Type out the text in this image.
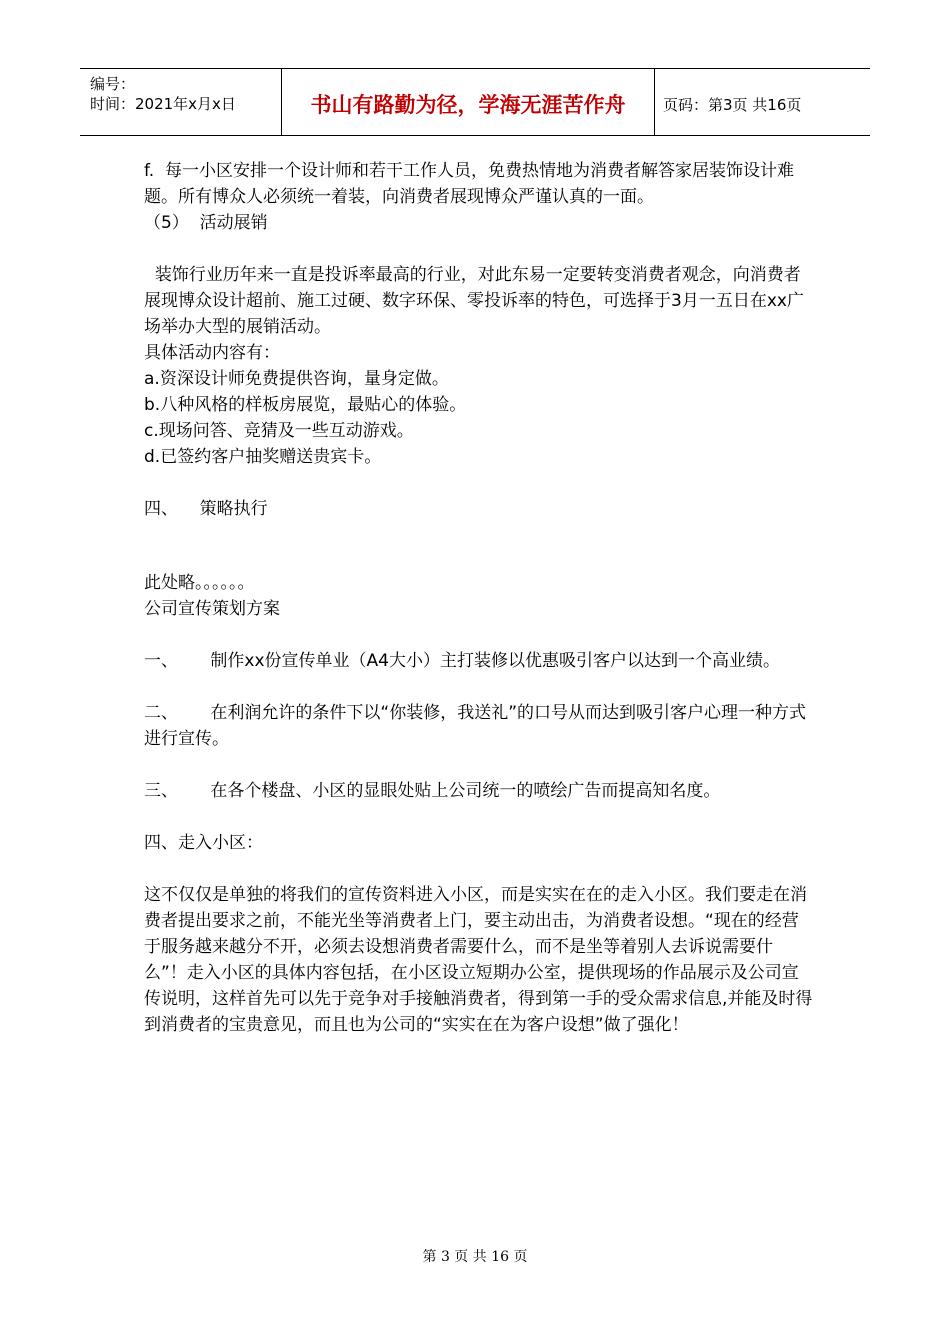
编号：
时间：2021年x月x日	书山有路勤为径，学海无涯苦作舟	页码：第3页 共16页

f.  每一小区安排一个设计师和若干工作人员，免费热情地为消费者解答家居装饰设计难题。所有博众人必须统一着装，向消费者展现博众严谨认真的一面。

（5）  活动展销

装饰行业历年来一直是投诉率最高的行业，对此东易一定要转变消费者观念，向消费者展现博众设计超前、施工过硬、数字环保、零投诉率的特色，可选择于3月一五日在xx广场举办大型的展销活动。

具体活动内容有：

a.资深设计师免费提供咨询，量身定做。

b.八种风格的样板房展览，最贴心的体验。

c.现场问答、竞猜及一些互动游戏。

d.已签约客户抽奖赠送贵宾卡。

四、    策略执行

此处略。。。。。。

公司宣传策划方案

一、      制作xx份宣传单业（A4大小）主打装修以优惠吸引客户以达到一个高业绩。

二、      在利润允许的条件下以“你装修，我送礼”的口号从而达到吸引客户心理一种方式进行宣传。

三、      在各个楼盘、小区的显眼处贴上公司统一的喷绘广告而提高知名度。

四、走入小区：

这不仅仅是单独的将我们的宣传资料进入小区，而是实实在在的走入小区。我们要走在消费者提出要求之前，不能光坐等消费者上门，要主动出击，为消费者设想。“现在的经营于服务越来越分不开，必须去设想消费者需要什么，而不是坐等着别人去诉说需要什么”！走入小区的具体内容包括，在小区设立短期办公室，提供现场的作品展示及公司宣传说明，这样首先可以先于竞争对手接触消费者，得到第一手的受众需求信息,并能及时得到消费者的宝贵意见，而且也为公司的“实实在在为客户设想”做了强化！

第 3 页 共 16 页
